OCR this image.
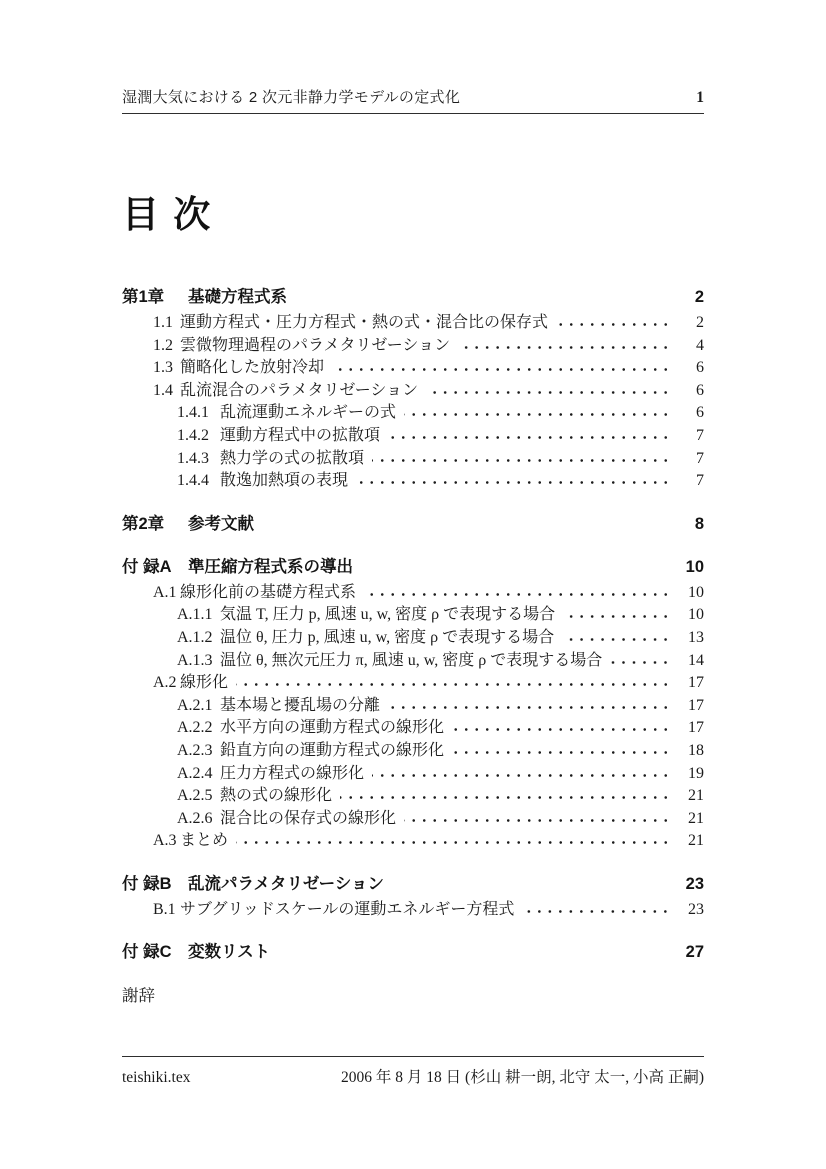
湿潤大気における 2 次元非静力学モデルの定式化	1
目 次
第1章	基礎方程式系	2
1.1 運動方程式・圧力方程式・熱の式・混合比の保存式	2
1.2 雲微物理過程のパラメタリゼーション	4
1.3 簡略化した放射冷却	6
1.4 乱流混合のパラメタリゼーション	6
1.4.1 乱流運動エネルギーの式	6
1.4.2 運動方程式中の拡散項	7
1.4.3 熱力学の式の拡散項	7
1.4.4 散逸加熱項の表現	7
第2章	参考文献	8
付 録A	準圧縮方程式系の導出	10
A.1 線形化前の基礎方程式系	10
A.1.1 気温 T, 圧力 p, 風速 u, w, 密度 ρ で表現する場合	10
A.1.2 温位 θ, 圧力 p, 風速 u, w, 密度 ρ で表現する場合	13
A.1.3 温位 θ, 無次元圧力 π, 風速 u, w, 密度 ρ で表現する場合	14
A.2 線形化	17
A.2.1 基本場と擾乱場の分離	17
A.2.2 水平方向の運動方程式の線形化	17
A.2.3 鉛直方向の運動方程式の線形化	18
A.2.4 圧力方程式の線形化	19
A.2.5 熱の式の線形化	21
A.2.6 混合比の保存式の線形化	21
A.3 まとめ	21
付 録B	乱流パラメタリゼーション	23
B.1 サブグリッドスケールの運動エネルギー方程式	23
付 録C	変数リスト	27
謝辞
teishiki.tex	2006 年 8 月 18 日 (杉山 耕一朗, 北守 太一, 小高 正嗣)
